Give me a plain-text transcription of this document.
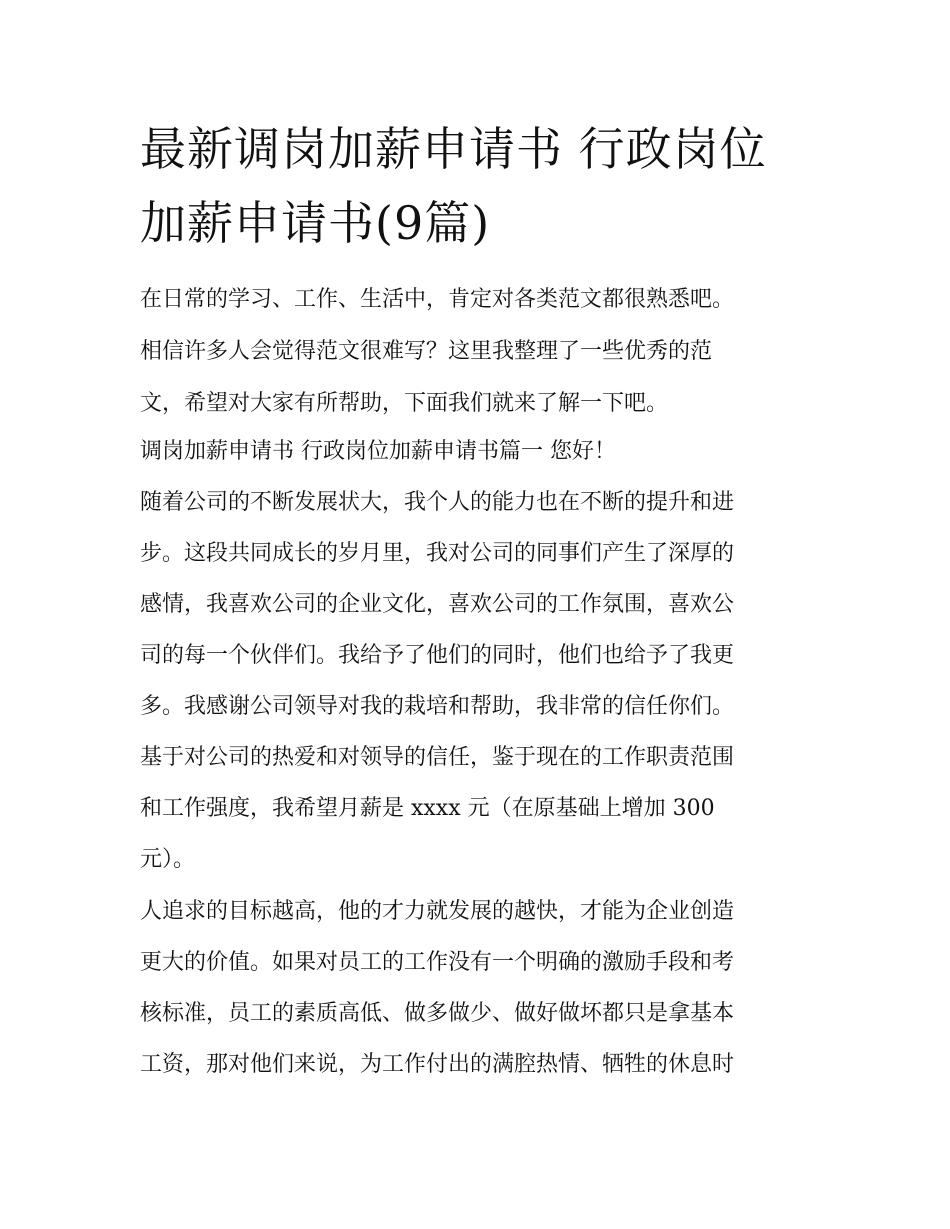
最新调岗加薪申请书 行政岗位
加薪申请书(9篇)

在日常的学习、工作、生活中，肯定对各类范文都很熟悉吧。

相信许多人会觉得范文很难写？这里我整理了一些优秀的范

文，希望对大家有所帮助，下面我们就来了解一下吧。

调岗加薪申请书 行政岗位加薪申请书篇一 您好！

随着公司的不断发展状大，我个人的能力也在不断的提升和进

步。这段共同成长的岁月里，我对公司的同事们产生了深厚的

感情，我喜欢公司的企业文化，喜欢公司的工作氛围，喜欢公

司的每一个伙伴们。我给予了他们的同时，他们也给予了我更

多。我感谢公司领导对我的栽培和帮助，我非常的信任你们。

基于对公司的热爱和对领导的信任，鉴于现在的工作职责范围

和工作强度，我希望月薪是 xxxx 元（在原基础上增加 300

元）。

人追求的目标越高，他的才力就发展的越快，才能为企业创造

更大的价值。如果对员工的工作没有一个明确的激励手段和考

核标准，员工的素质高低、做多做少、做好做坏都只是拿基本

工资，那对他们来说，为工作付出的满腔热情、牺牲的休息时
